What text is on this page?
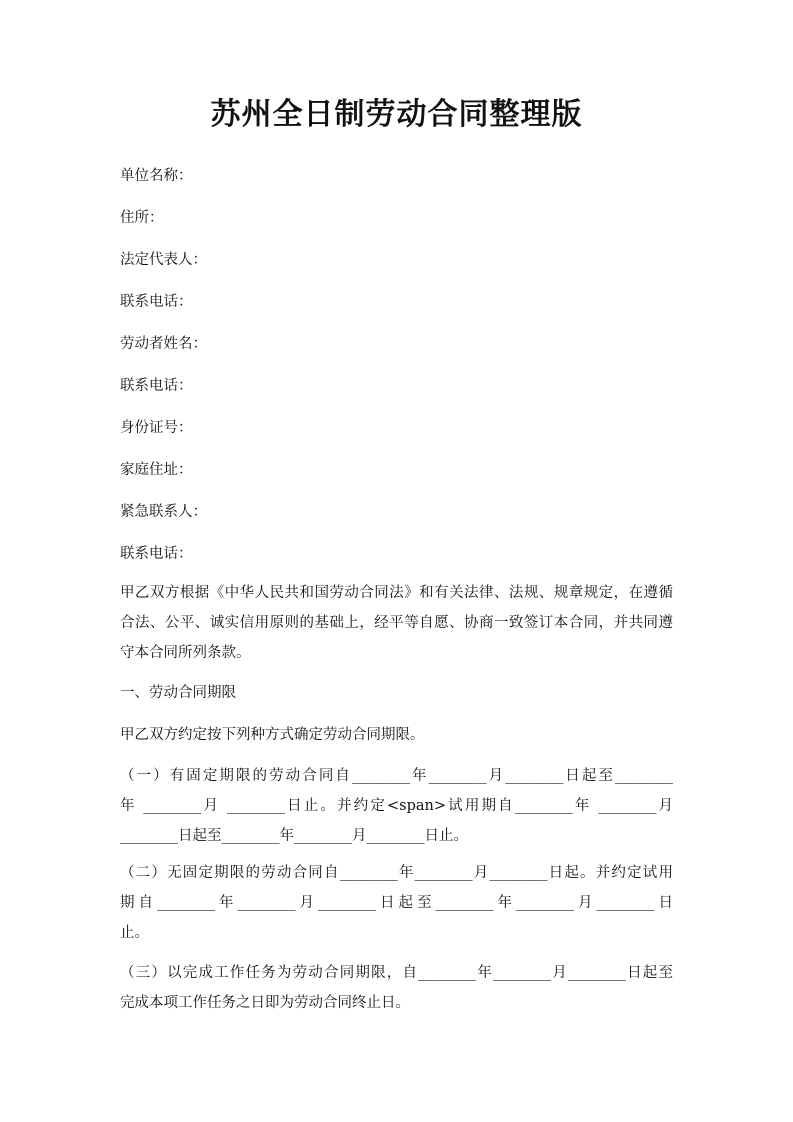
苏州全日制劳动合同整理版
单位名称：
住所：
法定代表人：
联系电话：
劳动者姓名：
联系电话：
身份证号：
家庭住址：
紧急联系人：
联系电话：
甲乙双方根据《中华人民共和国劳动合同法》和有关法律、法规、规章规定，在遵循
合法、公平、诚实信用原则的基础上，经平等自愿、协商一致签订本合同，并共同遵
守本合同所列条款。
一、劳动合同期限
甲乙双方约定按下列种方式确定劳动合同期限。
（一）有固定期限的劳动合同自________年________月________日起至________
年 ________月 ________日止。并约定<span>试用期自________年 ________月
________日起至________年________月________日止。
（二）无固定期限的劳动合同自________年________月________日起。并约定试用
期自________年________月________日起至________年________月________日
止。
（三）以完成工作任务为劳动合同期限，自________年________月________日起至
完成本项工作任务之日即为劳动合同终止日。
